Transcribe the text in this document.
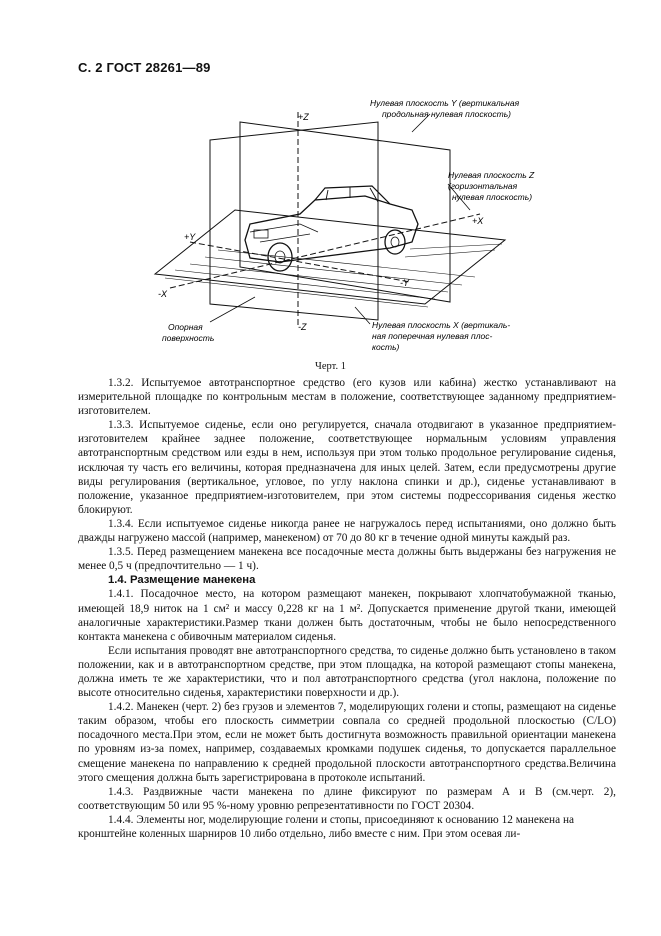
С. 2 ГОСТ 28261—89
+Z
-Z
+X
-X
+Y
-Y
Нулевая плоскость Y (вертикальная
продольная нулевая плоскость)
Нулевая плоскость Z
(горизонтальная
нулевая плоскость)
Опорная
поверхность
Нулевая плоскость X (вертикаль-
ная поперечная нулевая плос-
кость)
Черт. 1

1.3.2. Испытуемое автотранспортное средство (его кузов или кабина) жестко устанавливают на измерительной площадке по контрольным местам в положение, соответствующее заданному предприятием-изготовителем.

1.3.3. Испытуемое сиденье, если оно регулируется, сначала отодвигают в указанное предприятием-изготовителем крайнее заднее положение, соответствующее нормальным условиям управления автотранспортным средством или езды в нем, используя при этом только продольное регулирование сиденья, исключая ту часть его величины, которая предназначена для иных целей. Затем, если предусмотрены другие виды регулирования (вертикальное, угловое, по углу наклона спинки и др.), сиденье устанавливают в положение, указанное предприятием-изготовителем, при этом системы подрессоривания сиденья жестко блокируют.

1.3.4. Если испытуемое сиденье никогда ранее не нагружалось перед испытаниями, оно должно быть дважды нагружено массой (например, манекеном) от 70 до 80 кг в течение одной минуты каждый раз.

1.3.5. Перед размещением манекена все посадочные места должны быть выдержаны без нагружения не менее 0,5 ч (предпочтительно — 1 ч).

1.4. Размещение манекена

1.4.1. Посадочное место, на котором размещают манекен, покрывают хлопчатобумажной тканью, имеющей 18,9 ниток на 1 см² и массу 0,228 кг на 1 м². Допускается применение другой ткани, имеющей аналогичные характеристики.Размер ткани должен быть достаточным, чтобы не было непосредственного контакта манекена с обивочным материалом сиденья.

Если испытания проводят вне автотранспортного средства, то сиденье должно быть установлено в таком положении, как и в автотранспортном средстве, при этом площадка, на которой размещают стопы манекена, должна иметь те же характеристики, что и пол автотранспортного средства (угол наклона, положение по высоте относительно сиденья, характеристики поверхности и др.).

1.4.2. Манекен (черт. 2) без грузов и элементов 7, моделирующих голени и стопы, размещают на сиденье таким образом, чтобы его плоскость симметрии совпала со средней продольной плоскостью (C/LO) посадочного места.При этом, если не может быть достигнута возможность правильной ориентации манекена по уровням из-за помех, например, создаваемых кромками подушек сиденья, то допускается параллельное смещение манекена по направлению к средней продольной плоскости автотранспортного средства.Величина этого смещения должна быть зарегистрирована в протоколе испытаний.

1.4.3. Раздвижные части манекена по длине фиксируют по размерам A и B (см.черт. 2), соответствующим 50 или 95 %-ному уровню репрезентативности по ГОСТ 20304.

1.4.4. Элементы ног, моделирующие голени и стопы, присоединяют к основанию 12 манекена на кронштейне коленных шарниров 10 либо отдельно, либо вместе с ним. При этом осевая ли-
